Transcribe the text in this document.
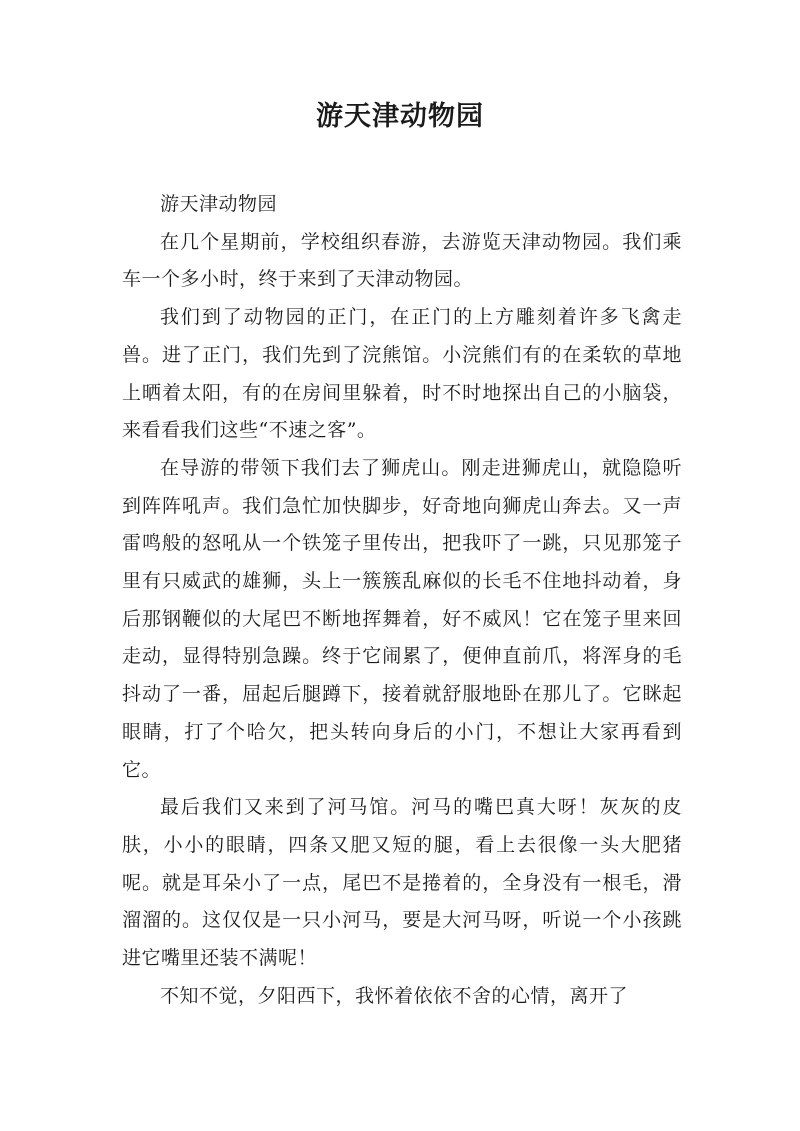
游天津动物园

游天津动物园

在几个星期前，学校组织春游，去游览天津动物园。我们乘车一个多小时，终于来到了天津动物园。

我们到了动物园的正门，在正门的上方雕刻着许多飞禽走兽。进了正门，我们先到了浣熊馆。小浣熊们有的在柔软的草地上晒着太阳，有的在房间里躲着，时不时地探出自己的小脑袋，来看看我们这些“不速之客”。

在导游的带领下我们去了狮虎山。刚走进狮虎山，就隐隐听到阵阵吼声。我们急忙加快脚步，好奇地向狮虎山奔去。又一声雷鸣般的怒吼从一个铁笼子里传出，把我吓了一跳，只见那笼子里有只威武的雄狮，头上一簇簇乱麻似的长毛不住地抖动着，身后那钢鞭似的大尾巴不断地挥舞着，好不威风！它在笼子里来回走动，显得特别急躁。终于它闹累了，便伸直前爪，将浑身的毛抖动了一番，屈起后腿蹲下，接着就舒服地卧在那儿了。它眯起眼睛，打了个哈欠，把头转向身后的小门，不想让大家再看到它。

最后我们又来到了河马馆。河马的嘴巴真大呀！灰灰的皮肤，小小的眼睛，四条又肥又短的腿，看上去很像一头大肥猪呢。就是耳朵小了一点，尾巴不是捲着的，全身没有一根毛，滑溜溜的。这仅仅是一只小河马，要是大河马呀，听说一个小孩跳进它嘴里还装不满呢！

不知不觉，夕阳西下，我怀着依依不舍的心情，离开了
